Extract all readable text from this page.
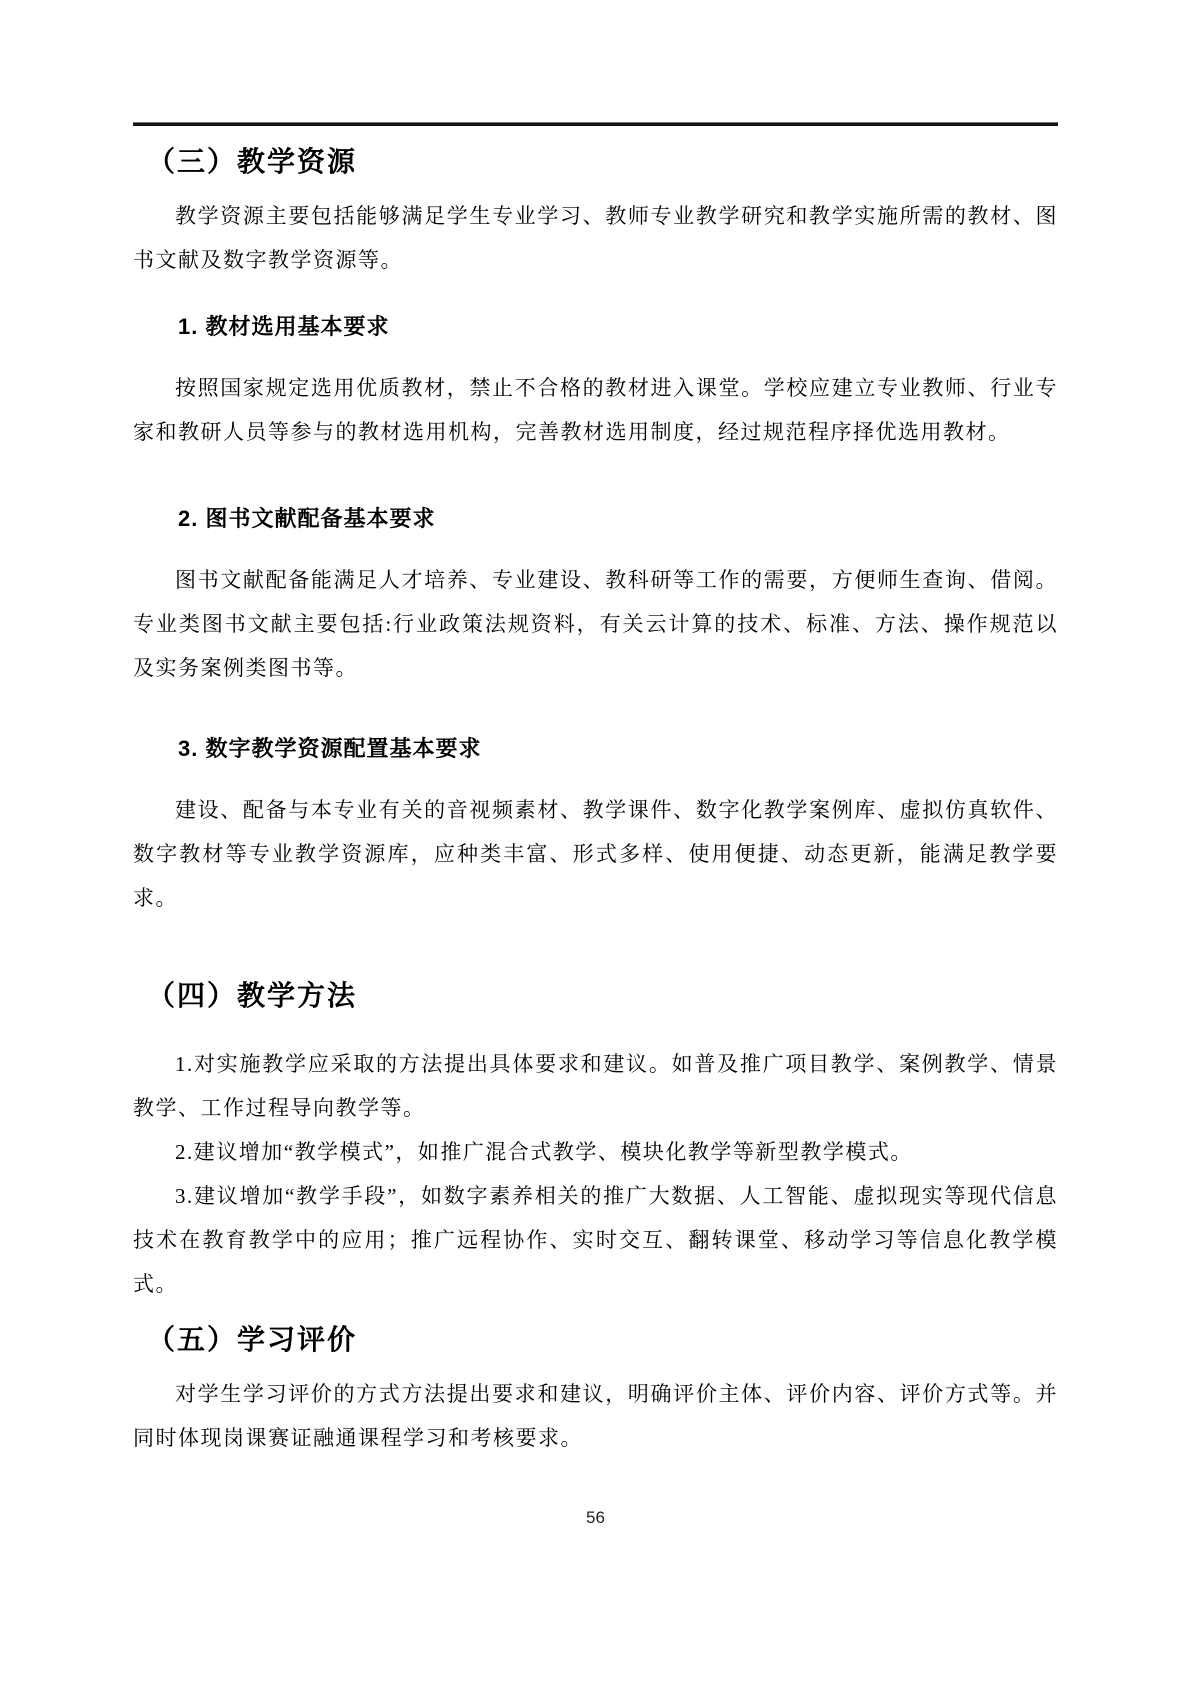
（三）教学资源

教学资源主要包括能够满足学生专业学习、教师专业教学研究和教学实施所需的教材、图书文献及数字教学资源等。

1. 教材选用基本要求

按照国家规定选用优质教材，禁止不合格的教材进入课堂。学校应建立专业教师、行业专家和教研人员等参与的教材选用机构，完善教材选用制度，经过规范程序择优选用教材。

2. 图书文献配备基本要求

图书文献配备能满足人才培养、专业建设、教科研等工作的需要，方便师生查询、借阅。专业类图书文献主要包括:行业政策法规资料，有关云计算的技术、标准、方法、操作规范以及实务案例类图书等。

3. 数字教学资源配置基本要求

建设、配备与本专业有关的音视频素材、教学课件、数字化教学案例库、虚拟仿真软件、数字教材等专业教学资源库，应种类丰富、形式多样、使用便捷、动态更新，能满足教学要求。

（四）教学方法

1.对实施教学应采取的方法提出具体要求和建议。如普及推广项目教学、案例教学、情景教学、工作过程导向教学等。

2.建议增加“教学模式”，如推广混合式教学、模块化教学等新型教学模式。

3.建议增加“教学手段”，如数字素养相关的推广大数据、人工智能、虚拟现实等现代信息技术在教育教学中的应用；推广远程协作、实时交互、翻转课堂、移动学习等信息化教学模式。

（五）学习评价

对学生学习评价的方式方法提出要求和建议，明确评价主体、评价内容、评价方式等。并同时体现岗课赛证融通课程学习和考核要求。

56
